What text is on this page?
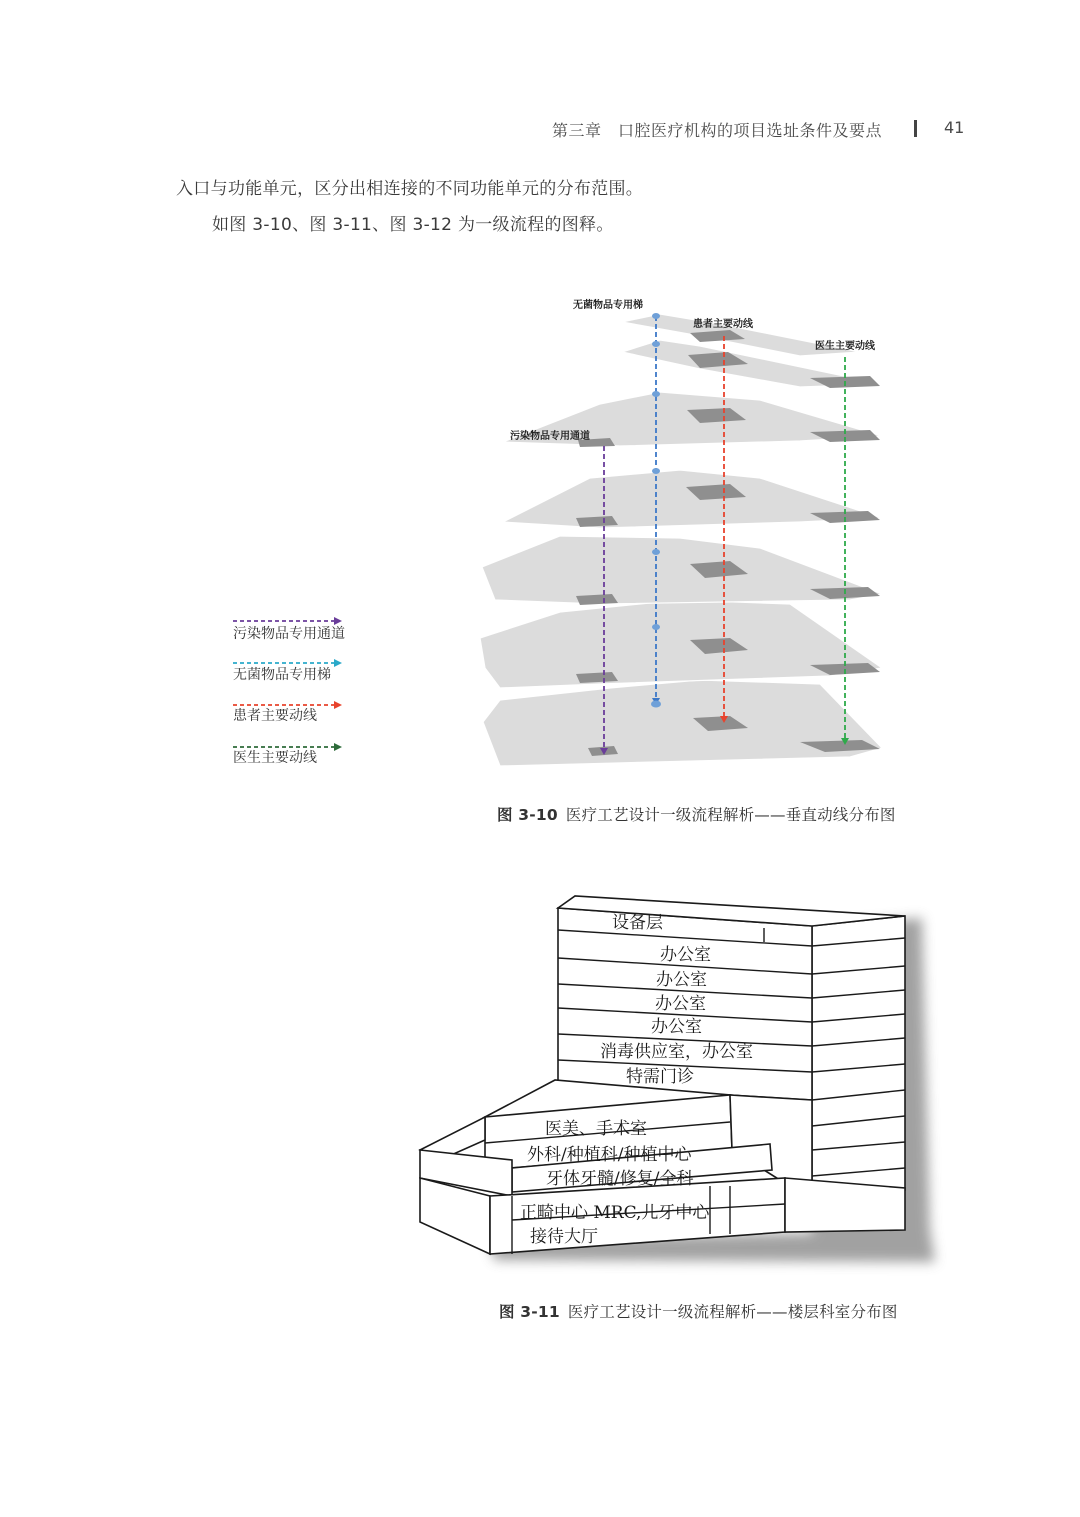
第三章　口腔医疗机构的项目选址条件及要点	41
入口与功能单元，区分出相连接的不同功能单元的分布范围。
如图 3-10、图 3-11、图 3-12 为一级流程的图释。
无菌物品专用梯
患者主要动线
医生主要动线
污染物品专用通道
污染物品专用通道
无菌物品专用梯
患者主要动线
医生主要动线
图 3-10 医疗工艺设计一级流程解析——垂直动线分布图
设备层
办公室
办公室
办公室
办公室
消毒供应室，办公室
特需门诊
医美、手术室
外科/种植科/种植中心
牙体牙髓/修复/全科
正畸中心 MRC,儿牙中心
接待大厅
图 3-11 医疗工艺设计一级流程解析——楼层科室分布图
